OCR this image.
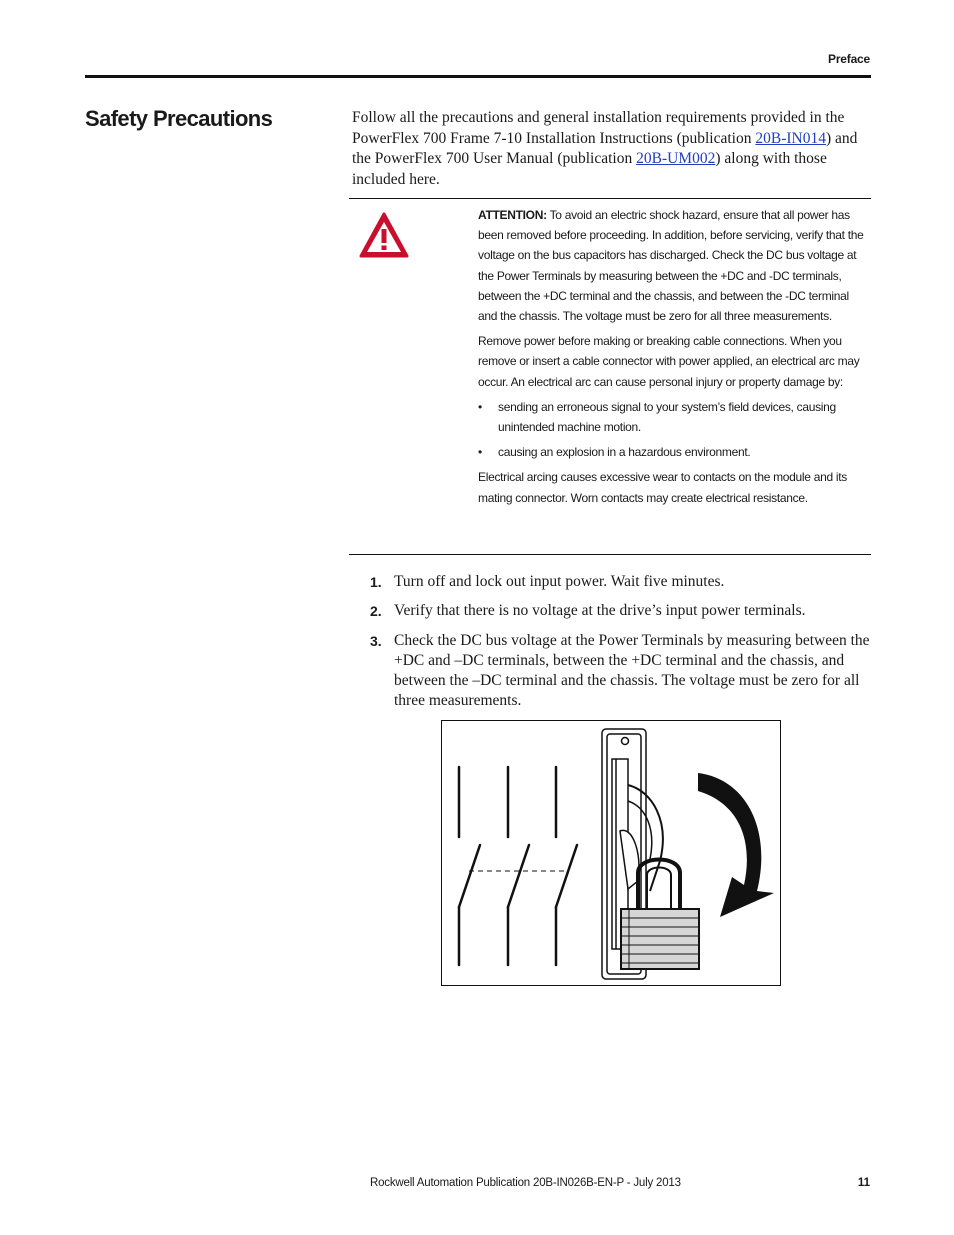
Preface
Safety Precautions	Follow all the precautions and general installation requirements provided in the PowerFlex 700 Frame 7-10 Installation Instructions (publication 20B-IN014) and the PowerFlex 700 User Manual (publication 20B-UM002) along with those included here.

ATTENTION: To avoid an electric shock hazard, ensure that all power has been removed before proceeding. In addition, before servicing, verify that the voltage on the bus capacitors has discharged. Check the DC bus voltage at the Power Terminals by measuring between the +DC and -DC terminals, between the +DC terminal and the chassis, and between the -DC terminal and the chassis. The voltage must be zero for all three measurements.

Remove power before making or breaking cable connections. When you remove or insert a cable connector with power applied, an electrical arc may occur. An electrical arc can cause personal injury or property damage by:

• sending an erroneous signal to your system’s field devices, causing unintended machine motion.
• causing an explosion in a hazardous environment.

Electrical arcing causes excessive wear to contacts on the module and its mating connector. Worn contacts may create electrical resistance.

1. Turn off and lock out input power. Wait five minutes.
2. Verify that there is no voltage at the drive’s input power terminals.
3. Check the DC bus voltage at the Power Terminals by measuring between the +DC and –DC terminals, between the +DC terminal and the chassis, and between the –DC terminal and the chassis. The voltage must be zero for all three measurements.
Rockwell Automation Publication 20B-IN026B-EN-P - July 2013	11
